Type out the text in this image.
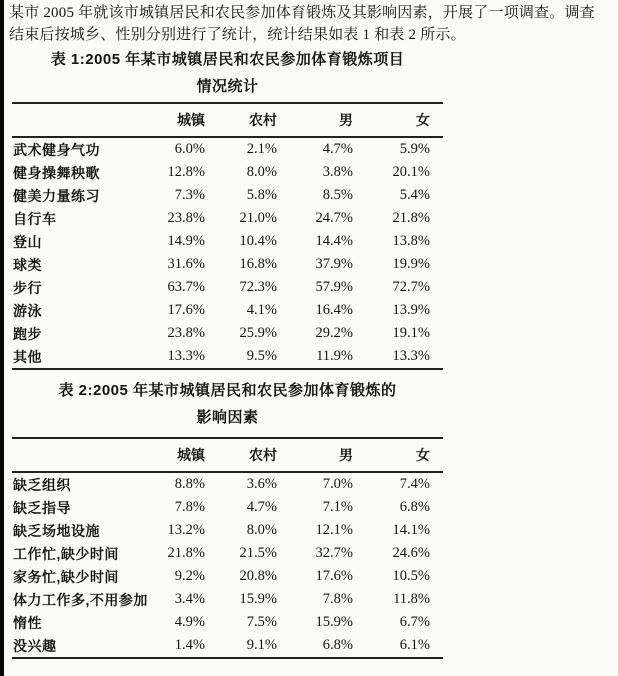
某市 2005 年就该市城镇居民和农民参加体育锻炼及其影响因素，开展了一项调查。调查
结束后按城乡、性别分别进行了统计，统计结果如表 1 和表 2 所示。
表 1:2005 年某市城镇居民和农民参加体育锻炼项目
情况统计
	城镇	农村	男	女
武术健身气功	6.0%	2.1%	4.7%	5.9%
健身操舞秧歌	12.8%	8.0%	3.8%	20.1%
健美力量练习	7.3%	5.8%	8.5%	5.4%
自行车	23.8%	21.0%	24.7%	21.8%
登山	14.9%	10.4%	14.4%	13.8%
球类	31.6%	16.8%	37.9%	19.9%
步行	63.7%	72.3%	57.9%	72.7%
游泳	17.6%	4.1%	16.4%	13.9%
跑步	23.8%	25.9%	29.2%	19.1%
其他	13.3%	9.5%	11.9%	13.3%
表 2:2005 年某市城镇居民和农民参加体育锻炼的
影响因素
	城镇	农村	男	女
缺乏组织	8.8%	3.6%	7.0%	7.4%
缺乏指导	7.8%	4.7%	7.1%	6.8%
缺乏场地设施	13.2%	8.0%	12.1%	14.1%
工作忙,缺少时间	21.8%	21.5%	32.7%	24.6%
家务忙,缺少时间	9.2%	20.8%	17.6%	10.5%
体力工作多,不用参加	3.4%	15.9%	7.8%	11.8%
惰性	4.9%	7.5%	15.9%	6.7%
没兴趣	1.4%	9.1%	6.8%	6.1%
